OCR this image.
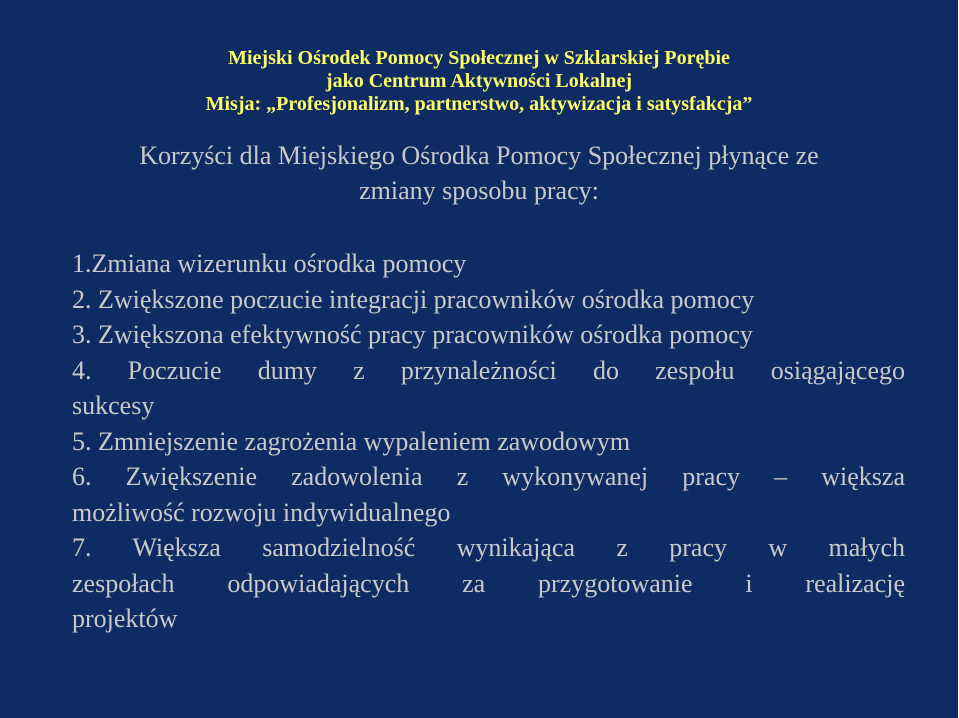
Miejski Ośrodek Pomocy Społecznej w Szklarskiej Porębie
jako Centrum Aktywności Lokalnej
Misja: „Profesjonalizm, partnerstwo, aktywizacja i satysfakcja”
Korzyści dla Miejskiego Ośrodka Pomocy Społecznej płynące ze
zmiany sposobu pracy:
1.Zmiana wizerunku ośrodka pomocy
2. Zwiększone poczucie integracji pracowników ośrodka pomocy
3. Zwiększona efektywność pracy pracowników ośrodka pomocy
4. Poczucie dumy z przynależności do zespołu osiągającego
sukcesy
5. Zmniejszenie zagrożenia wypaleniem zawodowym
6. Zwiększenie zadowolenia z wykonywanej pracy – większa
możliwość rozwoju indywidualnego
7. Większa samodzielność wynikająca z pracy w małych
zespołach odpowiadających za przygotowanie i realizację
projektów
